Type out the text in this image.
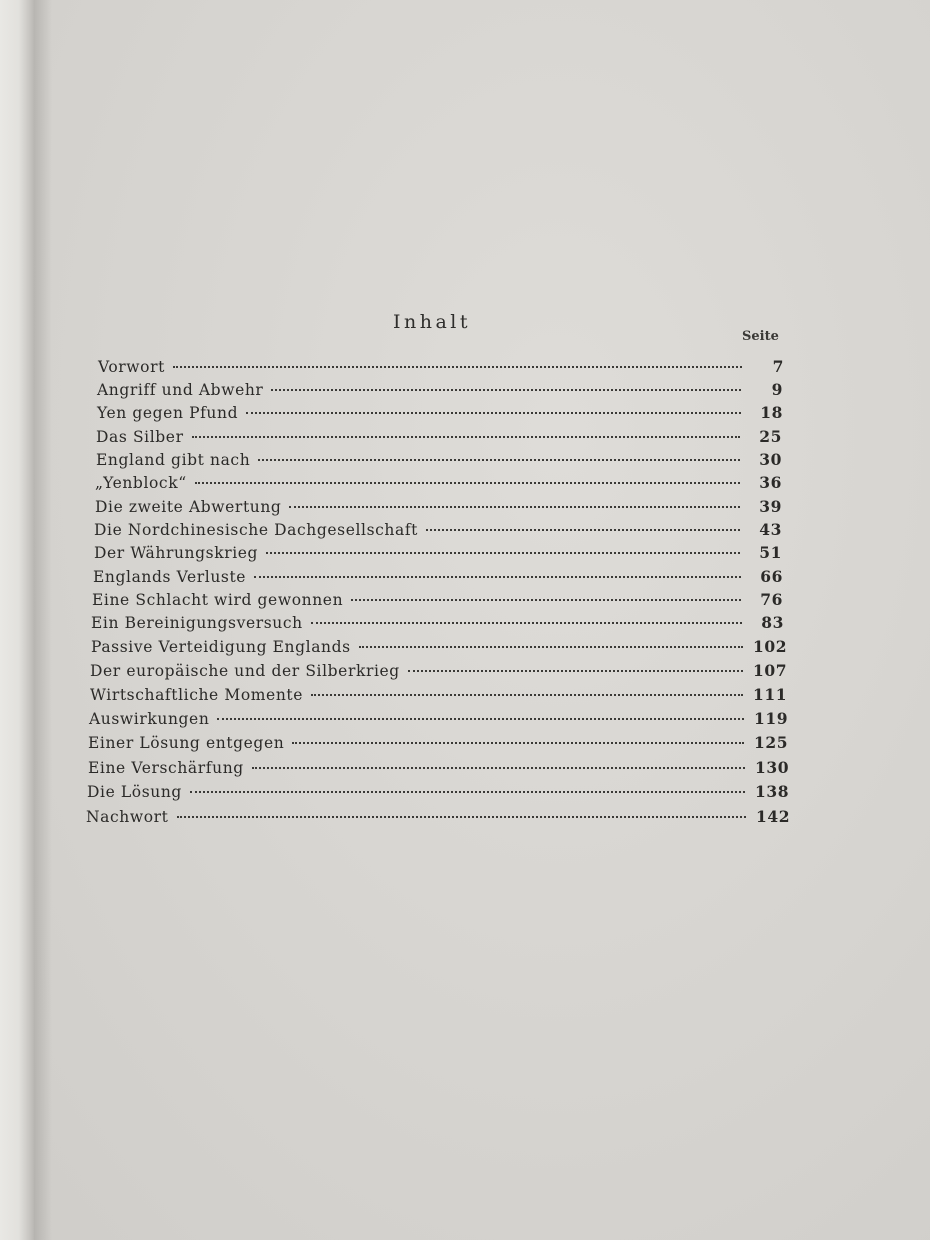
Inhalt
Seite
Vorwort	7
Angriff und Abwehr	9
Yen gegen Pfund	18
Das Silber	25
England gibt nach	30
„Yenblock“	36
Die zweite Abwertung	39
Die Nordchinesische Dachgesellschaft	43
Der Währungskrieg	51
Englands Verluste	66
Eine Schlacht wird gewonnen	76
Ein Bereinigungsversuch	83
Passive Verteidigung Englands	102
Der europäische und der Silberkrieg	107
Wirtschaftliche Momente	111
Auswirkungen	119
Einer Lösung entgegen	125
Eine Verschärfung	130
Die Lösung	138
Nachwort	142
